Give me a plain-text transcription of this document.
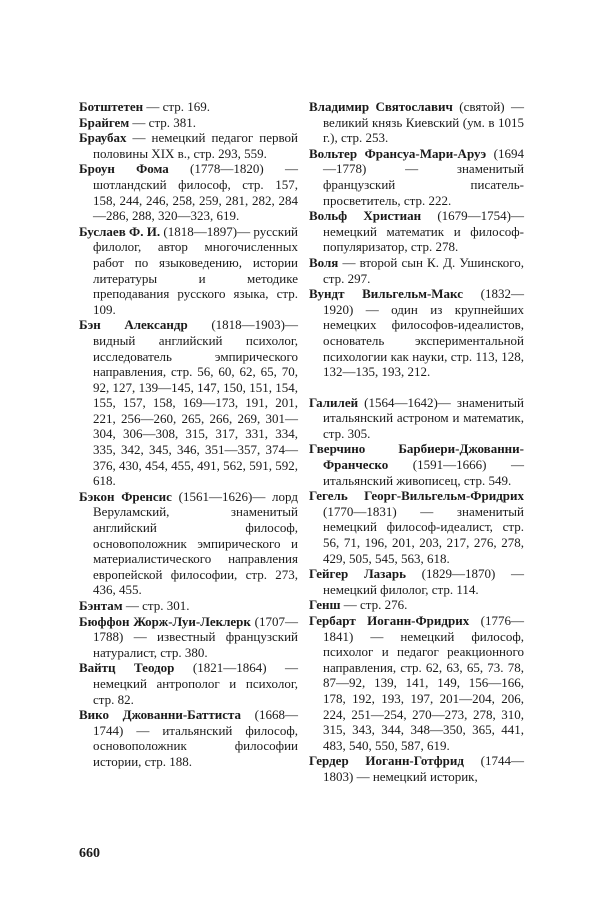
Ботштетен — стр. 169.

Брайгем — стр. 381.

Браубах — немецкий педагог первой половины XIX в., стр. 293, 559.

Броун Фома (1778—1820) — шотландский философ, стр. 157, 158, 244, 246, 258, 259, 281, 282, 284—286, 288, 320—323, 619.

Буслаев Ф. И. (1818—1897)— русский филолог, автор многочисленных работ по языковедению, истории литературы и методике преподавания русского языка, стр. 109.

Бэн Александр (1818—1903)— видный английский психолог, исследователь эмпирического направления, стр. 56, 60, 62, 65, 70, 92, 127, 139—145, 147, 150, 151, 154, 155, 157, 158, 169—173, 191, 201, 221, 256—260, 265, 266, 269, 301—304, 306—308, 315, 317, 331, 334, 335, 342, 345, 346, 351—357, 374—376, 430, 454, 455, 491, 562, 591, 592, 618.

Бэкон Френсис (1561—1626)— лорд Веруламский, знаменитый английский философ, основоположник эмпирического и материалистического направления европейской философии, стр. 273, 436, 455.

Бэнтам — стр. 301.

Бюффон Жорж-Луи-Леклерк (1707—1788) — известный французский натуралист, стр. 380.

Вайтц Теодор (1821—1864) — немецкий антрополог и психолог, стр. 82.

Вико Джованни-Баттиста (1668—1744) — итальянский философ, основоположник философии истории, стр. 188.

Владимир Святославич (святой) — великий князь Киевский (ум. в 1015 г.), стр. 253.

Вольтер Франсуа-Мари-Аруэ (1694—1778) — знаменитый французский писатель-просветитель, стр. 222.

Вольф Христиан (1679—1754)— немецкий математик и философ-популяризатор, стр. 278.

Воля — второй сын К. Д. Ушинского, стр. 297.

Вундт Вильгельм-Макс (1832—1920) — один из крупнейших немецких философов-идеалистов, основатель экспериментальной психологии как науки, стр. 113, 128, 132—135, 193, 212.

Галилей (1564—1642)— знаменитый итальянский астроном и математик, стр. 305.

Гверчино Барбиери-Джованни-Франческо (1591—1666) — итальянский живописец, стр. 549.

Гегель Георг-Вильгельм-Фридрих (1770—1831) — знаменитый немецкий философ-идеалист, стр. 56, 71, 196, 201, 203, 217, 276, 278, 429, 505, 545, 563, 618.

Гейгер Лазарь (1829—1870) — немецкий филолог, стр. 114.

Генш — стр. 276.

Гербарт Иоганн-Фридрих (1776—1841) — немецкий философ, психолог и педагог реакционного направления, стр. 62, 63, 65, 73. 78, 87—92, 139, 141, 149, 156—166, 178, 192, 193, 197, 201—204, 206, 224, 251—254, 270—273, 278, 310, 315, 343, 344, 348—350, 365, 441, 483, 540, 550, 587, 619.

Гердер Иоганн-Готфрид (1744—1803) — немецкий историк,

660
